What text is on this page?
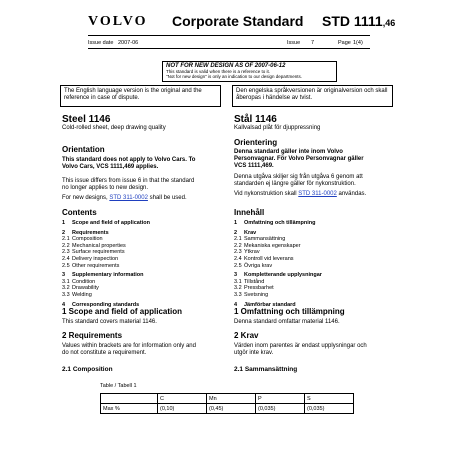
VOLVO Corporate Standard STD 1111,46
Issue date 2007-06	Issue 7	Page 1(4)
NOT FOR NEW DESIGN AS OF 2007-06-12
This standard is valid when there is a reference to it.
"Not for new design" is only an indication to our design departments.
The English language version is the original and the reference in case of dispute.
Den engelska språkversionen är originalversion och skall åberopas i händelse av tvist.
Steel 1146
Cold-rolled sheet, deep drawing quality
Orientation
This standard does not apply to Volvo Cars. To Volvo Cars, VCS 1111,469 applies.
This issue differs from issue 6 in that the standard no longer applies to new design.
For new designs, STD 311-0002 shall be used.
Contents
1	Scope and field of application
2	Requirements
2.1 Composition
2.2 Mechanical properties
2.3 Surface requirements
2.4 Delivery inspection
2.5 Other requirements
3	Supplementary information
3.1 Condition
3.2 Drawability
3.3 Welding
4	Corresponding standards
1 Scope and field of application
This standard covers material 1146.
2 Requirements
Values within brackets are for information only and do not constitute a requirement.
2.1 Composition
Stål 1146
Kallvalsad plåt för djuppressning
Orientering
Denna standard gäller inte inom Volvo Personvagnar. För Volvo Personvagnar gäller VCS 1111,469.
Denna utgåva skiljer sig från utgåva 6 genom att standarden ej längre gäller för nykonstruktion.
Vid nykonstruktion skall STD 311-0002 användas.
Innehåll
1	Omfattning och tillämpning
2	Krav
2.1 Sammansättning
2.2 Mekaniska egenskaper
2.3 Ytkrav
2.4 Kontroll vid leverans
2.5 Övriga krav
3	Kompletterande upplysningar
3.1 Tillstånd
3.2 Pressbarhet
3.3 Svetsning
4	Jämförbar standard
1 Omfattning och tillämpning
Denna standard omfattar material 1146.
2 Krav
Värden inom parentes är endast upplysningar och utgör inte krav.
2.1 Sammansättning
Table / Tabell 1
	C	Mn	P	S
Max %	(0,10)	(0,45)	(0,035)	(0,035)
